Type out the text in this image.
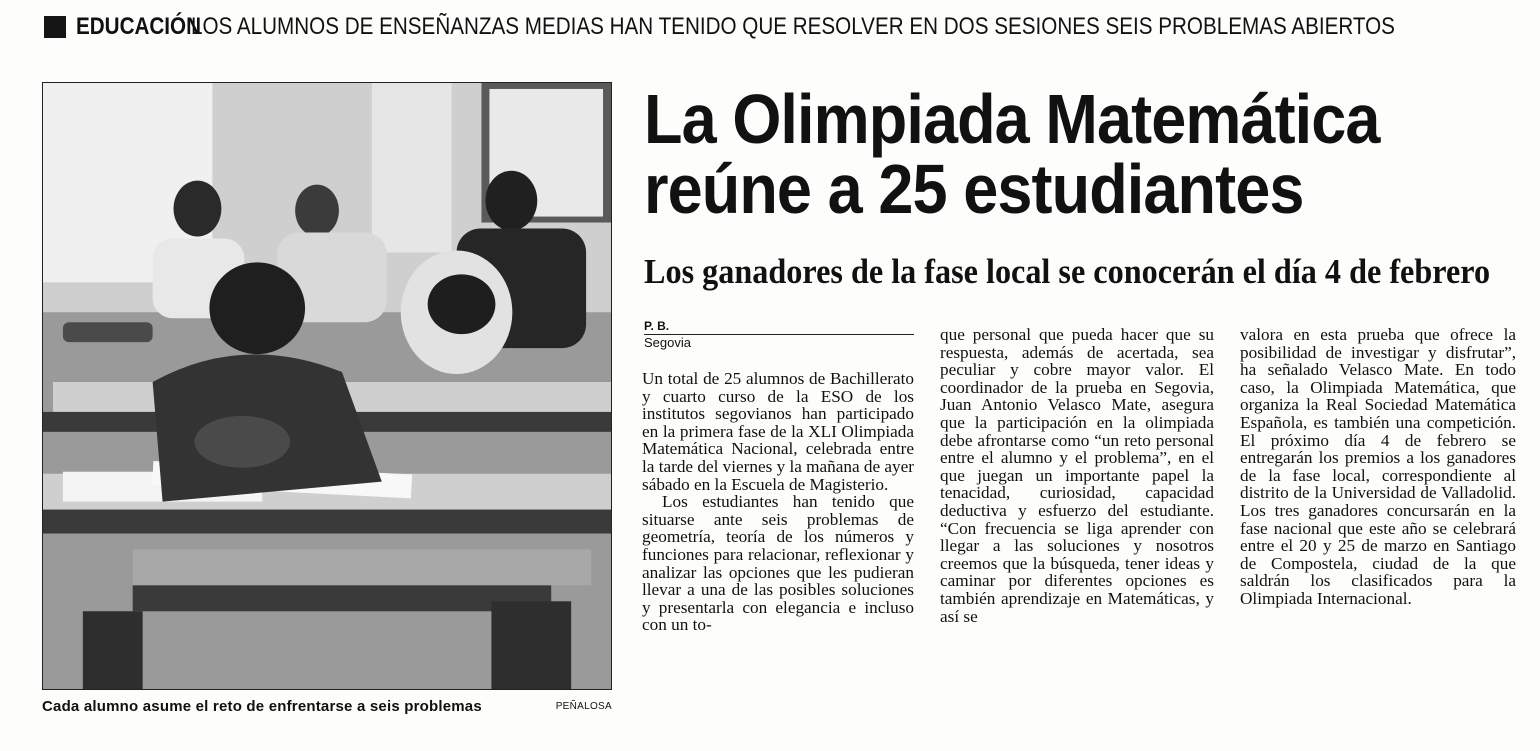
EDUCACIÓN
LOS ALUMNOS DE ENSEÑANZAS MEDIAS HAN TENIDO QUE RESOLVER EN DOS SESIONES SEIS PROBLEMAS ABIERTOS
Cada alumno asume el reto de enfrentarse a seis problemas	PEÑALOSA
La Olimpiada Matemática
reúne a 25 estudiantes
Los ganadores de la fase local se conocerán el día 4 de febrero
P. B.
Segovia

Un total de 25 alumnos de Bachillerato y cuarto curso de la ESO de los institutos segovianos han participado en la primera fase de la XLI Olimpiada Matemática Nacional, celebrada entre la tarde del viernes y la mañana de ayer sábado en la Escuela de Magisterio.

Los estudiantes han tenido que situarse ante seis problemas de geometría, teoría de los números y funciones para relacionar, reflexionar y analizar las opciones que les pudieran llevar a una de las posibles soluciones y presentarla con elegancia e incluso con un to-

que personal que pueda hacer que su respuesta, además de acertada, sea peculiar y cobre mayor valor. El coordinador de la prueba en Segovia, Juan Antonio Velasco Mate, asegura que la participación en la olimpiada debe afrontarse como “un reto personal entre el alumno y el problema”, en el que juegan un importante papel la tenacidad, curiosidad, capacidad deductiva y esfuerzo del estudiante. “Con frecuencia se liga aprender con llegar a las soluciones y nosotros creemos que la búsqueda, tener ideas y caminar por diferentes opciones es también aprendizaje en Matemáticas, y así se

valora en esta prueba que ofrece la posibilidad de investigar y disfrutar”, ha señalado Velasco Mate. En todo caso, la Olimpiada Matemática, que organiza la Real Sociedad Matemática Española, es también una competición. El próximo día 4 de febrero se entregarán los premios a los ganadores de la fase local, correspondiente al distrito de la Universidad de Valladolid. Los tres ganadores concursarán en la fase nacional que este año se celebrará entre el 20 y 25 de marzo en Santiago de Compostela, ciudad de la que saldrán los clasificados para la Olimpiada Internacional.
